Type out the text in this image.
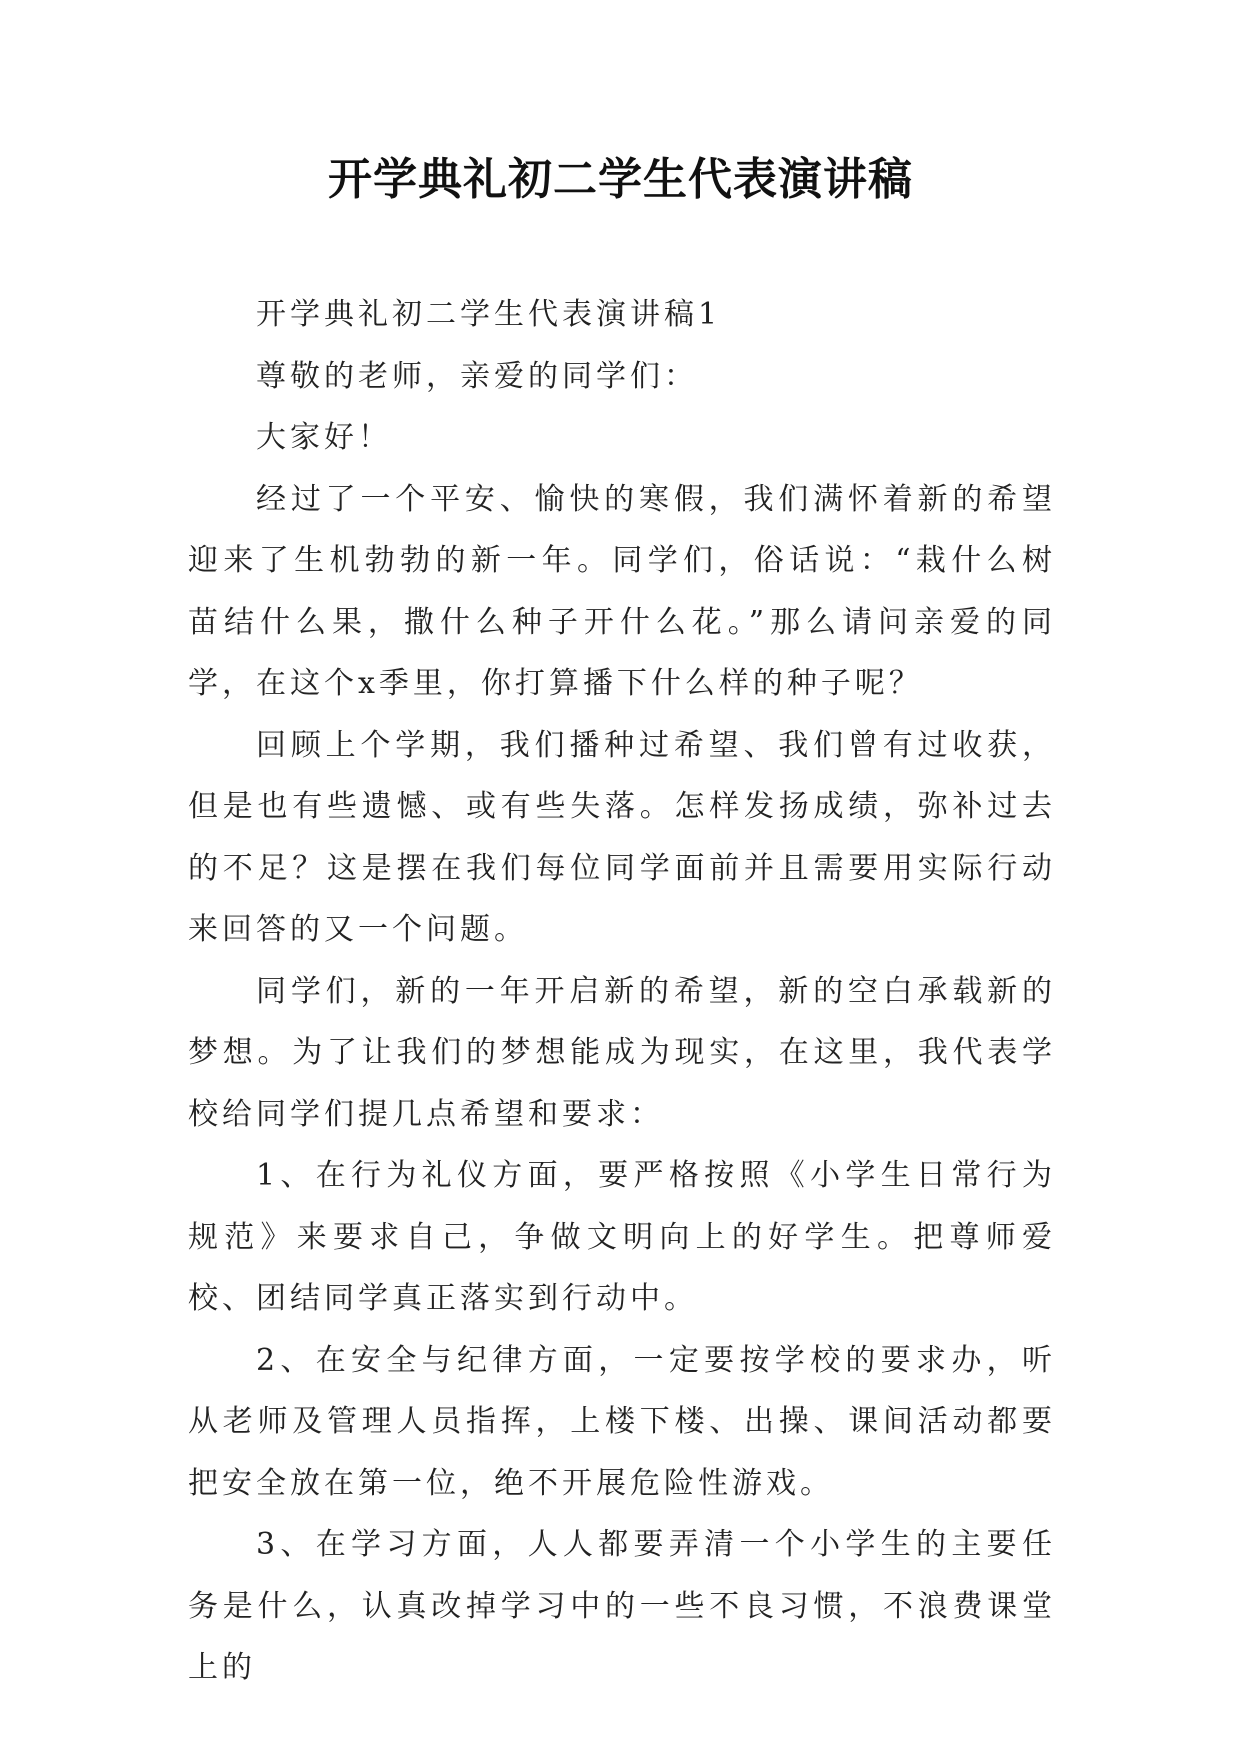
开学典礼初二学生代表演讲稿

开学典礼初二学生代表演讲稿1

尊敬的老师，亲爱的同学们：

大家好！

经过了一个平安、愉快的寒假，我们满怀着新的希望迎来了生机勃勃的新一年。同学们，俗话说：“栽什么树苗结什么果，撒什么种子开什么花。”那么请问亲爱的同学，在这个x季里，你打算播下什么样的种子呢？

回顾上个学期，我们播种过希望、我们曾有过收获，但是也有些遗憾、或有些失落。怎样发扬成绩，弥补过去的不足？这是摆在我们每位同学面前并且需要用实际行动来回答的又一个问题。

同学们，新的一年开启新的希望，新的空白承载新的梦想。为了让我们的梦想能成为现实，在这里，我代表学校给同学们提几点希望和要求：

1、在行为礼仪方面，要严格按照《小学生日常行为规范》来要求自己，争做文明向上的好学生。把尊师爱校、团结同学真正落实到行动中。

2、在安全与纪律方面，一定要按学校的要求办，听从老师及管理人员指挥，上楼下楼、出操、课间活动都要把安全放在第一位，绝不开展危险性游戏。

3、在学习方面，人人都要弄清一个小学生的主要任务是什么，认真改掉学习中的一些不良习惯，不浪费课堂上的
